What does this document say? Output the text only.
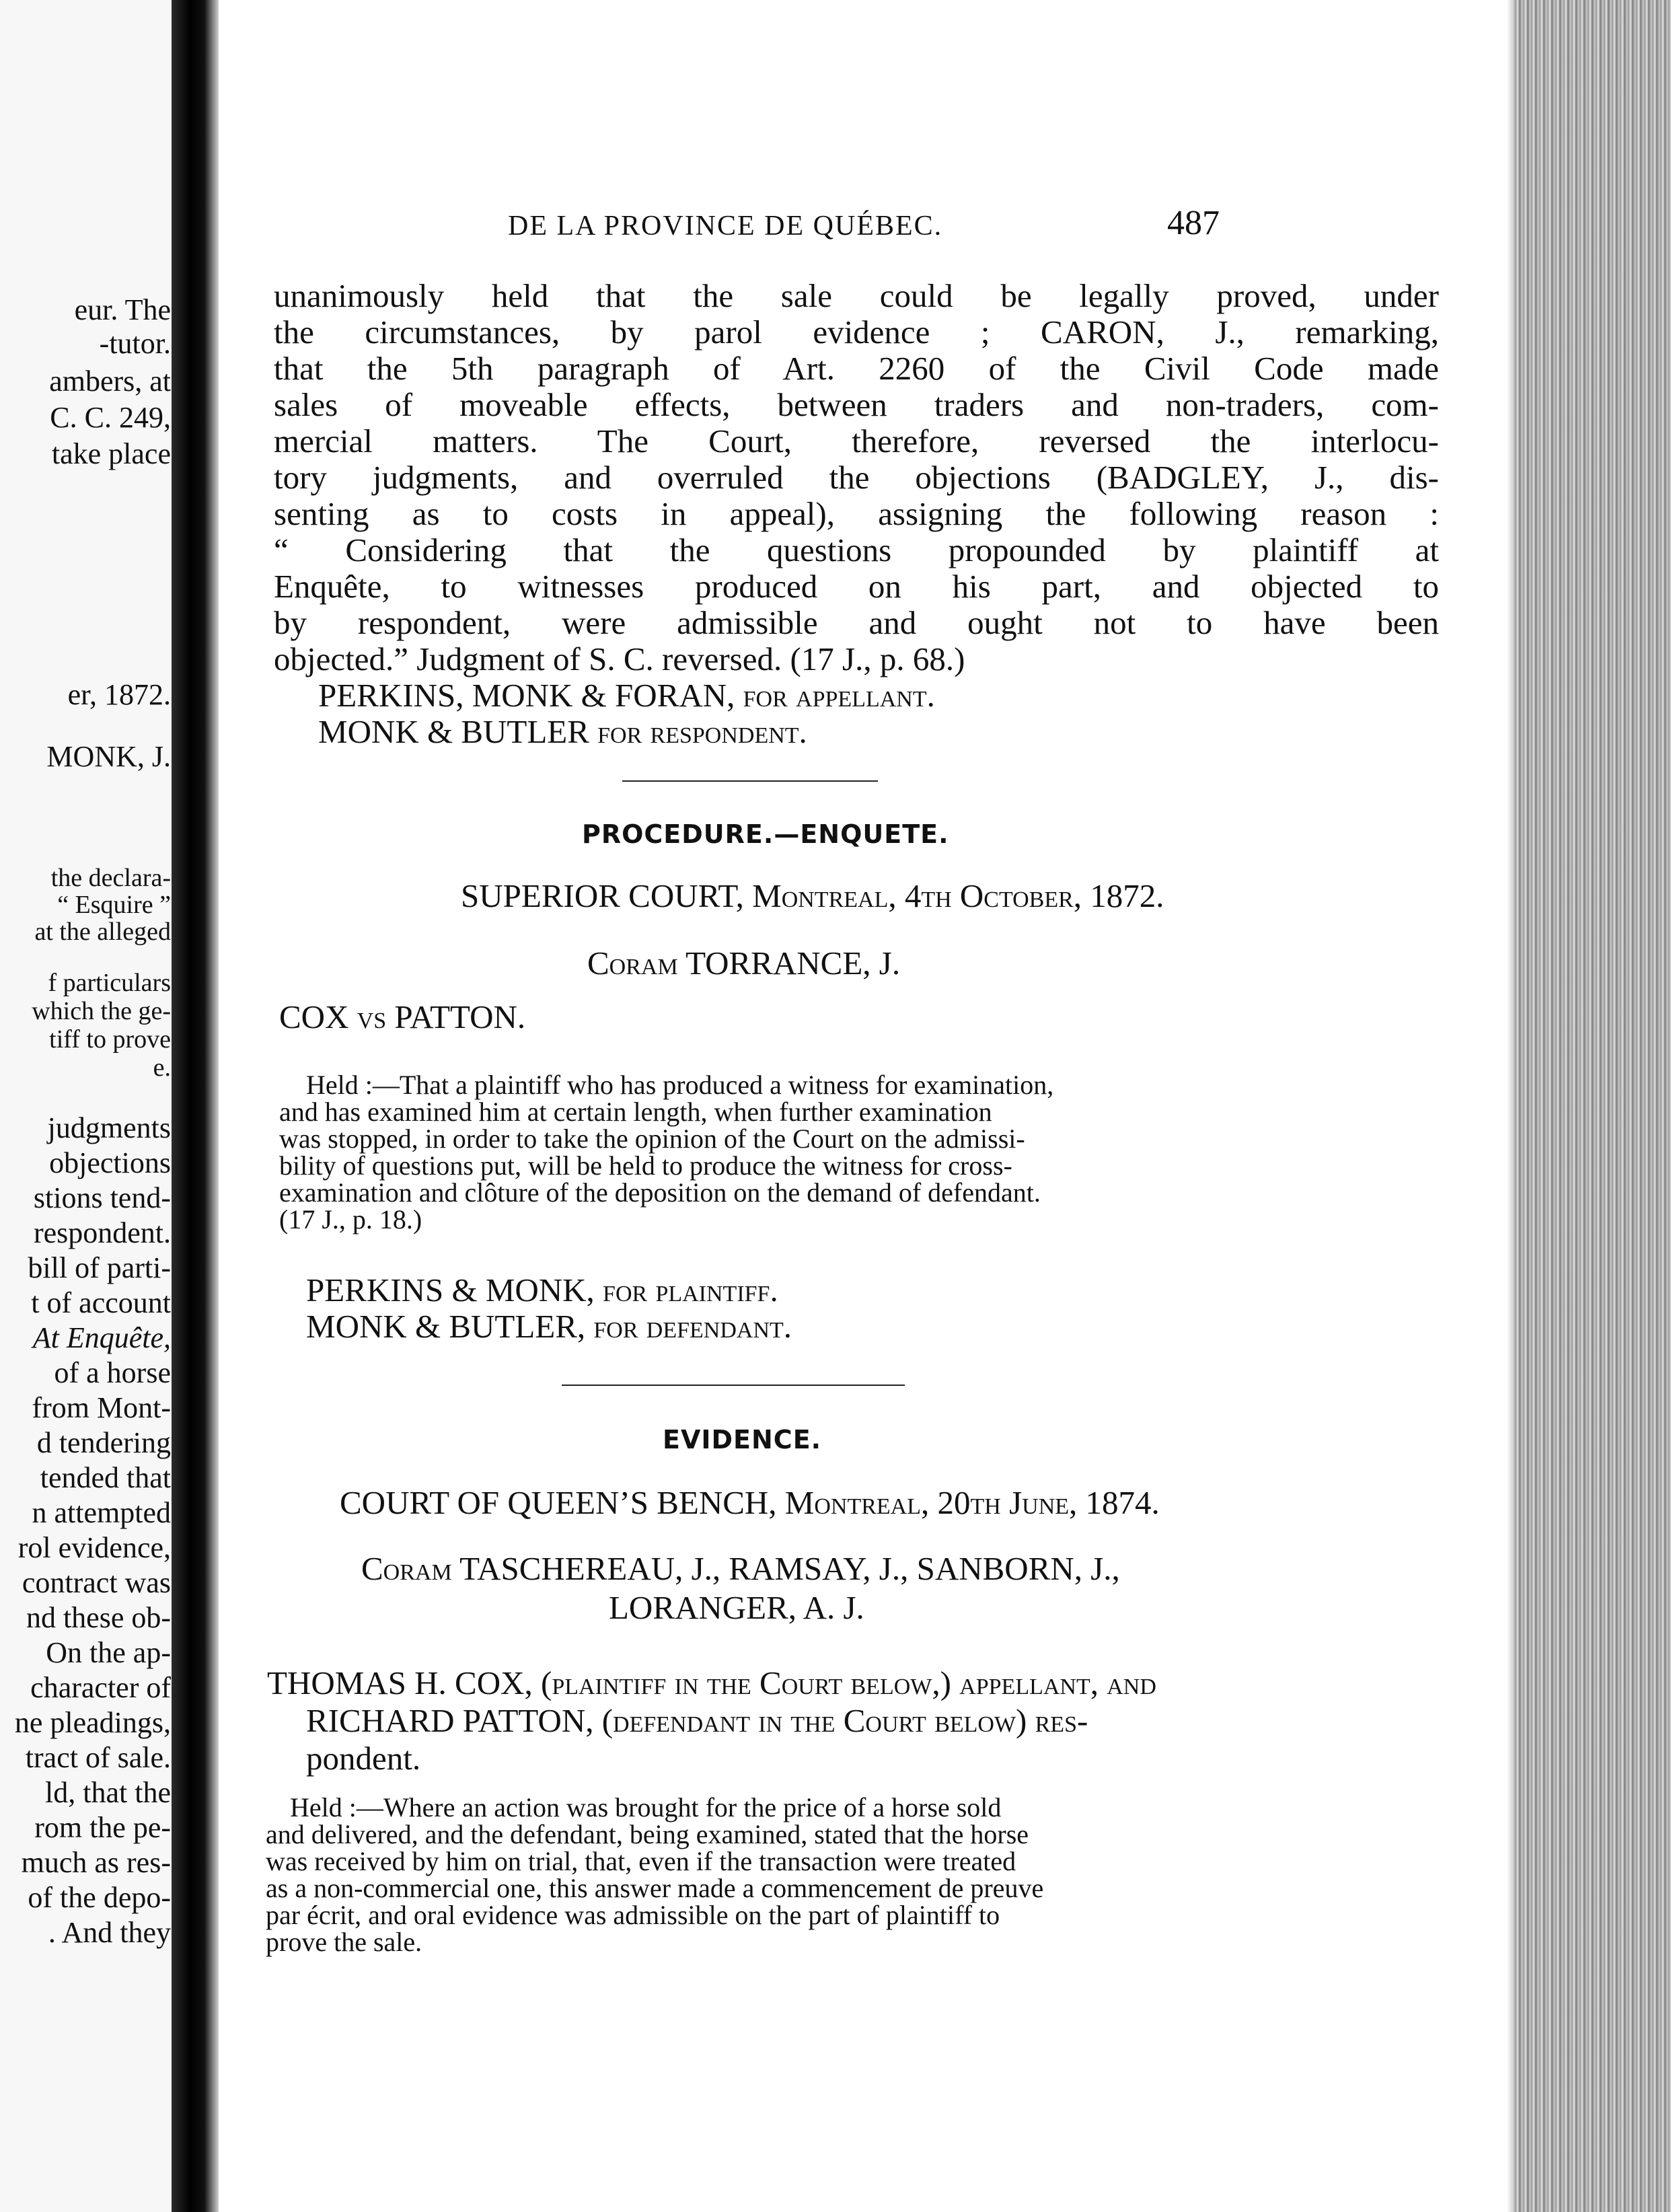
eur. The
-tutor.
ambers, at
C. C. 249,
take place
er, 1872.
MONK, J.
the declara-
“ Esquire ”
at the alleged
f particulars
which the ge-
tiff to prove
e.
judgments
objections
stions tend-
respondent.
bill of parti-
t of account
At Enquête,
of a horse
from Mont-
d tendering
tended that
n attempted
rol evidence,
contract was
nd these ob-
On the ap-
character of
ne pleadings,
tract of sale.
ld, that the
rom the pe-
much as res-
of the depo-
. And they
DE LA PROVINCE DE QUÉBEC.	487
unanimously held that the sale could be legally proved, under
the circumstances, by parol evidence ; CARON, J., remarking,
that the 5th paragraph of Art. 2260 of the Civil Code made
sales of moveable effects, between traders and non-traders, com-
mercial matters. The Court, therefore, reversed the interlocu-
tory judgments, and overruled the objections (BADGLEY, J., dis-
senting as to costs in appeal), assigning the following reason :
“ Considering that the questions propounded by plaintiff at
Enquête, to witnesses produced on his part, and objected to
by respondent, were admissible and ought not to have been
objected.” Judgment of S. C. reversed. (17 J., p. 68.)
PERKINS, MONK & FORAN, for appellant.
MONK & BUTLER for respondent.
PROCEDURE.—ENQUETE.
SUPERIOR COURT, Montreal, 4th October, 1872.
Coram TORRANCE, J.
COX vs PATTON.
Held :—That a plaintiff who has produced a witness for examination,
and has examined him at certain length, when further examination
was stopped, in order to take the opinion of the Court on the admissi-
bility of questions put, will be held to produce the witness for cross-
examination and clôture of the deposition on the demand of defendant.
(17 J., p. 18.)
PERKINS & MONK, for plaintiff.
MONK & BUTLER, for defendant.
EVIDENCE.
COURT OF QUEEN’S BENCH, Montreal, 20th June, 1874.
Coram TASCHEREAU, J., RAMSAY, J., SANBORN, J.,
LORANGER, A. J.
THOMAS H. COX, (plaintiff in the Court below,) appellant, and
RICHARD PATTON, (defendant in the Court below) res-
pondent.
Held :—Where an action was brought for the price of a horse sold
and delivered, and the defendant, being examined, stated that the horse
was received by him on trial, that, even if the transaction were treated
as a non-commercial one, this answer made a commencement de preuve
par écrit, and oral evidence was admissible on the part of plaintiff to
prove the sale.
